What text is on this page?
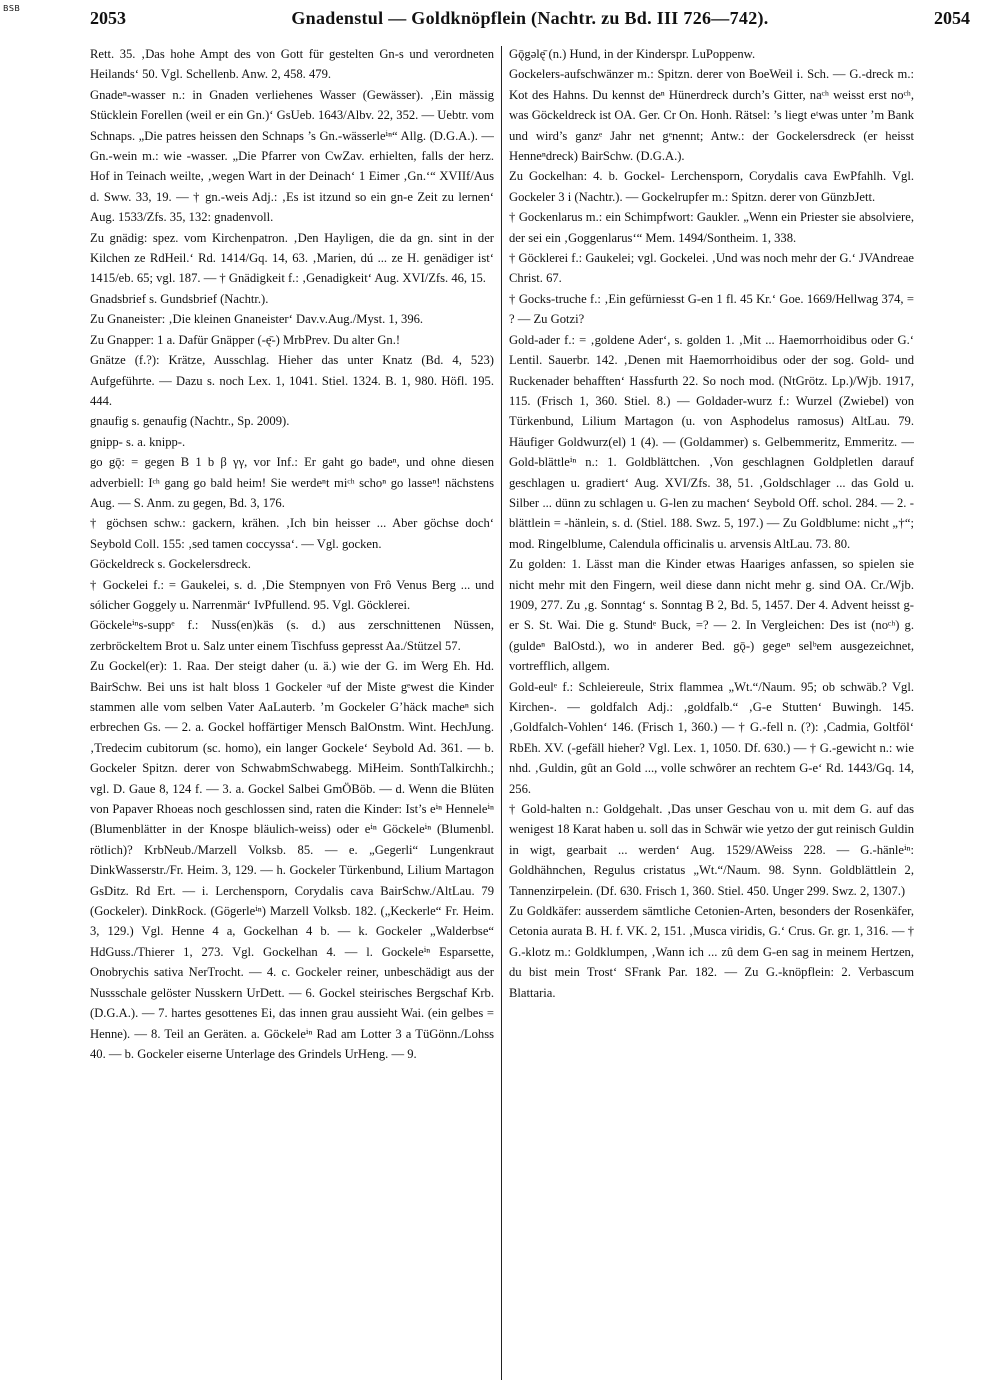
BSB	2053	Gnadenstul — Goldknöpflein (Nachtr. zu Bd. III 726—742).	2054

Rett. 35. ‚Das hohe Ampt des von Gott für gestelten Gn-s und verordneten Heilands‘ 50. Vgl. Schellenb. Anw. 2, 458. 479.

Gnadeⁿ-wasser n.: in Gnaden verliehenes Wasser (Gewässer). ‚Ein mässig Stücklein Forellen (weil er ein Gn.)‘ GsUeb. 1643/Albv. 22, 352. — Uebtr. vom Schnaps. „Die patres heissen den Schnaps ’s Gn.-wässerleⁱⁿ“ Allg. (D.G.A.). — Gn.-wein m.: wie -wasser. „Die Pfarrer von CwZav. erhielten, falls der herz. Hof in Teinach weilte, ‚wegen Wart in der Deinach‘ 1 Eimer ‚Gn.‘“ XVIIf/Aus d. Sww. 33, 19. — † gn.-weis Adj.: ‚Es ist itzund so ein gn-e Zeit zu lernen‘ Aug. 1533/Zfs. 35, 132: gnadenvoll.

Zu gnädig: spez. vom Kirchenpatron. ‚Den Hayligen, die da gn. sint in der Kilchen ze RdHeil.‘ Rd. 1414/Gq. 14, 63. ‚Marien, dú ... ze H. genädiger ist‘ 1415/eb. 65; vgl. 187. — † Gnädigkeit f.: ‚Genadigkeit‘ Aug. XVI/Zfs. 46, 15.

Gnadsbrief s. Gundsbrief (Nachtr.).

Zu Gnaneister: ‚Die kleinen Gnaneister‘ Dav.v.Aug./Myst. 1, 396.

Zu Gnapper: 1 a. Dafür Gnäpper (-ę̄-) MrbPrev. Du alter Gn.!

Gnätze (f.?): Krätze, Ausschlag. Hieher das unter Knatz (Bd. 4, 523) Aufgeführte. — Dazu s. noch Lex. 1, 1041. Stiel. 1324. B. 1, 980. Höfl. 195. 444.

gnaufig s. genaufig (Nachtr., Sp. 2009).

gnipp- s. a. knipp-.

go gǭ: = gegen B 1 b β γγ, vor Inf.: Er gaht go badeⁿ, und ohne diesen adverbiell: Iᶜʰ gang go bald heim! Sie werdeⁿt miᶜʰ schoⁿ go lasseⁿ! nächstens Aug. — S. Anm. zu gegen, Bd. 3, 176.

† göchsen schw.: gackern, krähen. ‚Ich bin heisser ... Aber gӧchse doch‘ Seybold Coll. 155: ‚sed tamen coccyssa‘. — Vgl. gocken.

Göckeldreck s. Gockelersdreck.

† Gockelei f.: = Gaukelei, s. d. ‚Die Stempnyen von Frô Venus Berg ... und sólicher Goggely u. Narrenmär‘ IvPfullend. 95. Vgl. Göcklerei.

Göckeleⁱⁿs-suppᵉ f.: Nuss(en)käs (s. d.) aus zerschnittenen Nüssen, zerbröckeltem Brot u. Salz unter einem Tischfuss gepresst Aa./Stützel 57.

Zu Gockel(er): 1. Raa. Der steigt daher (u. ä.) wie der G. im Werg Eh. Hd. BairSchw. Bei uns ist halt bloss 1 Gockeler ᵃuf der Miste gᵉwest die Kinder stammen alle vom selben Vater AaLauterb. ’m Gockeler G’häck macheⁿ sich erbrechen Gs. — 2. a. Gockel hoffärtiger Mensch BalOnstm. Wint. HechJung. ‚Tredecim cubitorum (sc. homo), ein langer Gockele‘ Seybold Ad. 361. — b. Gockeler Spitzn. derer von SchwabmSchwabegg. MiHeim. SonthTalkirchh.; vgl. D. Gaue 8, 124 f. — 3. a. Gockel Salbei GmÖBöb. — d. Wenn die Blüten von Papaver Rhoeas noch geschlossen sind, raten die Kinder: Ist’s eⁱⁿ Henneleⁱⁿ (Blumenblätter in der Knospe bläulich-weiss) oder eⁱⁿ Göckeleⁱⁿ (Blumenbl. rötlich)? KrbNeub./Marzell Volksb. 85. — e. „Gegerli“ Lungenkraut DinkWasserstr./Fr. Heim. 3, 129. — h. Gockeler Türkenbund, Lilium Martagon GsDitz. Rd Ert. — i. Lerchensporn, Corydalis cava BairSchw./AltLau. 79 (Gockeler). DinkRock. (Gögerleⁱⁿ) Marzell Volksb. 182. („Keckerle“ Fr. Heim. 3, 129.) Vgl. Henne 4 a, Gockelhan 4 b. — k. Gockeler „Walderbse“ HdGuss./Thierer 1, 273. Vgl. Gockelhan 4. — l. Gockeleⁱⁿ Esparsette, Onobrychis sativa NerTrocht. — 4. c. Gockeler reiner, unbeschädigt aus der Nussschale gelöster Nusskern UrDett. — 6. Gockel steirisches Bergschaf Krb. (D.G.A.). — 7. hartes gesottenes Ei, das innen grau aussieht Wai. (ein gelbes = Henne). — 8. Teil an Geräten. a. Göckeleⁱⁿ Rad am Lotter 3 a TüGönn./Lohss 40. — b. Gockeler eiserne Unterlage des Grindels UrHeng. — 9.

Gǭgəlę̄ (n.) Hund, in der Kinderspr. LuPoppenw.

Gockelers-aufschwänzer m.: Spitzn. derer von BoeWeil i. Sch. — G.-dreck m.: Kot des Hahns. Du kennst deⁿ Hünerdreck durch’s Gitter, naᶜʰ weisst erst noᶜʰ, was Göckeldreck ist OA. Ger. Cr On. Honh. Rätsel: ’s liegt eᵗwas unter ’m Bank und wird’s ganzᵉ Jahr net gᵉnennt; Antw.: der Gockelersdreck (er heisst Henneⁿdreck) BairSchw. (D.G.A.).

Zu Gockelhan: 4. b. Gockel- Lerchensporn, Corydalis cava EwPfahlh. Vgl. Gockeler 3 i (Nachtr.). — Gockelrupfer m.: Spitzn. derer von GünzbJett.

† Gockenlarus m.: ein Schimpfwort: Gaukler. „Wenn ein Priester sie absolviere, der sei ein ‚Goggenlarus‘“ Mem. 1494/Sontheim. 1, 338.

† Göcklerei f.: Gaukelei; vgl. Gockelei. ‚Und was noch mehr der G.‘ JVAndreae Christ. 67.

† Gocks-truche f.: ‚Ein gefürniesst G-en 1 fl. 45 Kr.‘ Goe. 1669/Hellwag 374, = ? — Zu Gotzi?

Gold-ader f.: = ‚goldene Ader‘, s. golden 1. ‚Mit ... Haemorrhoidibus oder G.‘ Lentil. Sauerbr. 142. ‚Denen mit Haemorrhoidibus oder der sog. Gold- und Ruckenader behafften‘ Hassfurth 22. So noch mod. (NtGrötz. Lp.)/Wjb. 1917, 115. (Frisch 1, 360. Stiel. 8.) — Goldader-wurz f.: Wurzel (Zwiebel) von Türkenbund, Lilium Martagon (u. von Asphodelus ramosus) AltLau. 79. Häufiger Goldwurz(el) 1 (4). — (Goldammer) s. Gelbemmeritz, Emmeritz. — Gold-blättleⁱⁿ n.: 1. Goldblättchen. ‚Von geschlagnen Goldpletlen darauf geschlagen u. gradiert‘ Aug. XVI/Zfs. 38, 51. ‚Goldschlager ... das Gold u. Silber ... dünn zu schlagen u. G-len zu machen‘ Seybold Off. schol. 284. — 2. -blättlein = -hänlein, s. d. (Stiel. 188. Swz. 5, 197.) — Zu Goldblume: nicht „†“; mod. Ringelblume, Calendula officinalis u. arvensis AltLau. 73. 80.

Zu golden: 1. Lässt man die Kinder etwas Haariges anfassen, so spielen sie nicht mehr mit den Fingern, weil diese dann nicht mehr g. sind OA. Cr./Wjb. 1909, 277. Zu ‚g. Sonntag‘ s. Sonntag B 2, Bd. 5, 1457. Der 4. Advent heisst g-er S. St. Wai. Die g. Stundᵉ Buck, =? — 2. In Vergleichen: Des ist (noᶜʰ) g. (guldeⁿ BalOstd.), wo in anderer Bed. gǭ-) gegeⁿ selᵇem ausgezeichnet, vortrefflich, allgem.

Gold-eulᵉ f.: Schleiereule, Strix flammea „Wt.“/Naum. 95; ob schwäb.? Vgl. Kirchen-. — goldfalch Adj.: ‚goldfalb.“ ‚G-e Stutten‘ Buwingh. 145. ‚Goldfalch-Vohlen‘ 146. (Frisch 1, 360.) — † G.-fell n. (?): ‚Cadmia, Goltföl‘ RbEh. XV. (-gefäll hieher? Vgl. Lex. 1, 1050. Df. 630.) — † G.-gewicht n.: wie nhd. ‚Guldin, gût an Gold ..., volle schwôrer an rechtem G-e‘ Rd. 1443/Gq. 14, 256.

† Gold-halten n.: Goldgehalt. ‚Das unser Geschau von u. mit dem G. auf das wenigest 18 Karat haben u. soll das in Schwär wie yetzo der gut reinisch Guldin in wigt, gearbait ... werden‘ Aug. 1529/AWeiss 228. — G.-hänleⁱⁿ: Goldhähnchen, Regulus cristatus „Wt.“/Naum. 98. Synn. Goldblättlein 2, Tannenzirpelein. (Df. 630. Frisch 1, 360. Stiel. 450. Unger 299. Swz. 2, 1307.)

Zu Goldkäfer: ausserdem sämtliche Cetonien-Arten, besonders der Rosenkäfer, Cetonia aurata B. H. f. VK. 2, 151. ‚Musca viridis, G.‘ Crus. Gr. gr. 1, 316. — † G.-klotz m.: Goldklumpen, ‚Wann ich ... zû dem G-en sag in meinem Hertzen, du bist mein Trost‘ SFrank Par. 182. — Zu G.-knöpflein: 2. Verbascum Blattaria.
